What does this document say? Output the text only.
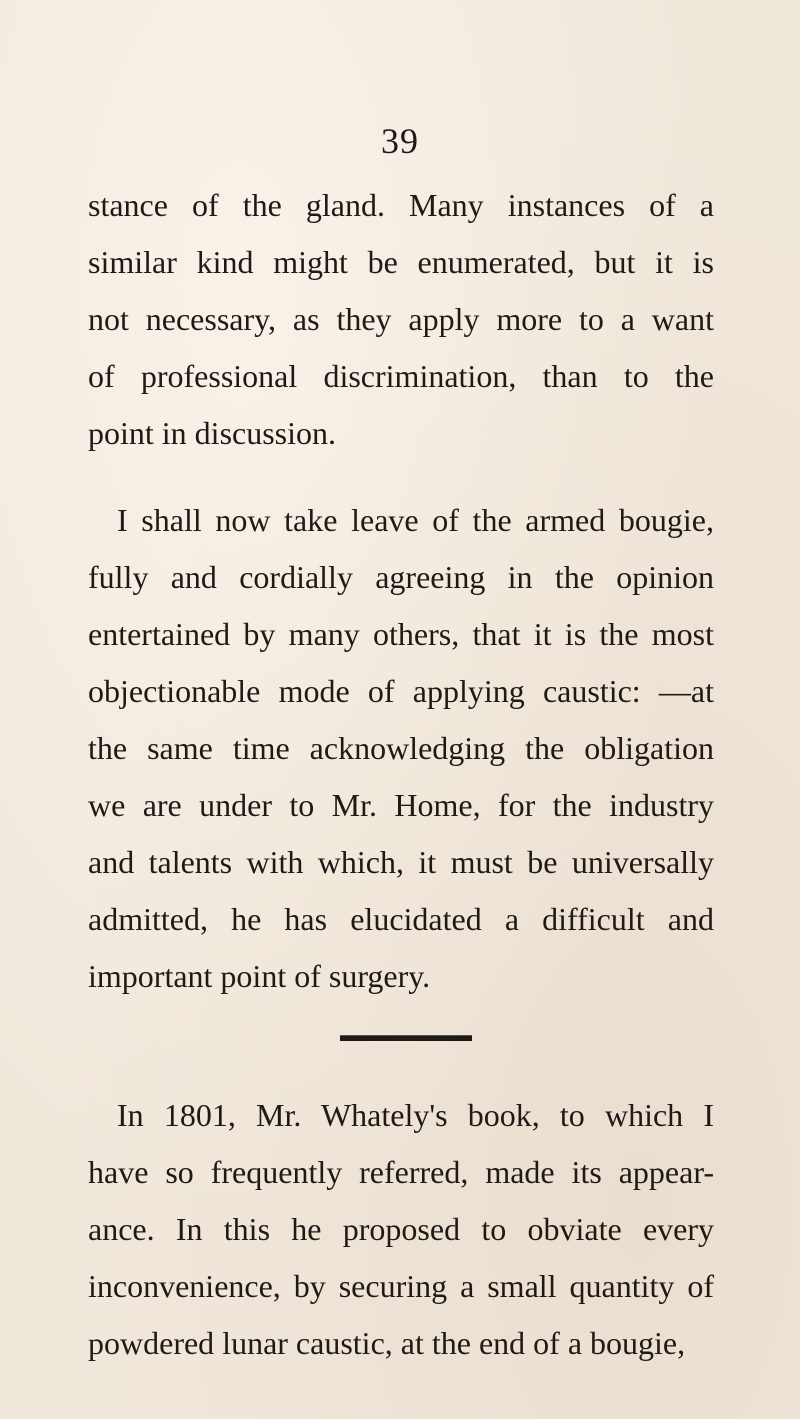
39
stance of the gland. Many instances of a
similar kind might be enumerated, but it is
not necessary, as they apply more to a want
of professional discrimination, than to the
point in discussion.
I shall now take leave of the armed bougie,
fully and cordially agreeing in the opinion
entertained by many others, that it is the most
objectionable mode of applying caustic: —at
the same time acknowledging the obligation
we are under to Mr. Home, for the industry
and talents with which, it must be universally
admitted, he has elucidated a difficult and
important point of surgery.
In 1801, Mr. Whately's book, to which I
have so frequently referred, made its appear-
ance. In this he proposed to obviate every
inconvenience, by securing a small quantity of
powdered lunar caustic, at the end of a bougie,
